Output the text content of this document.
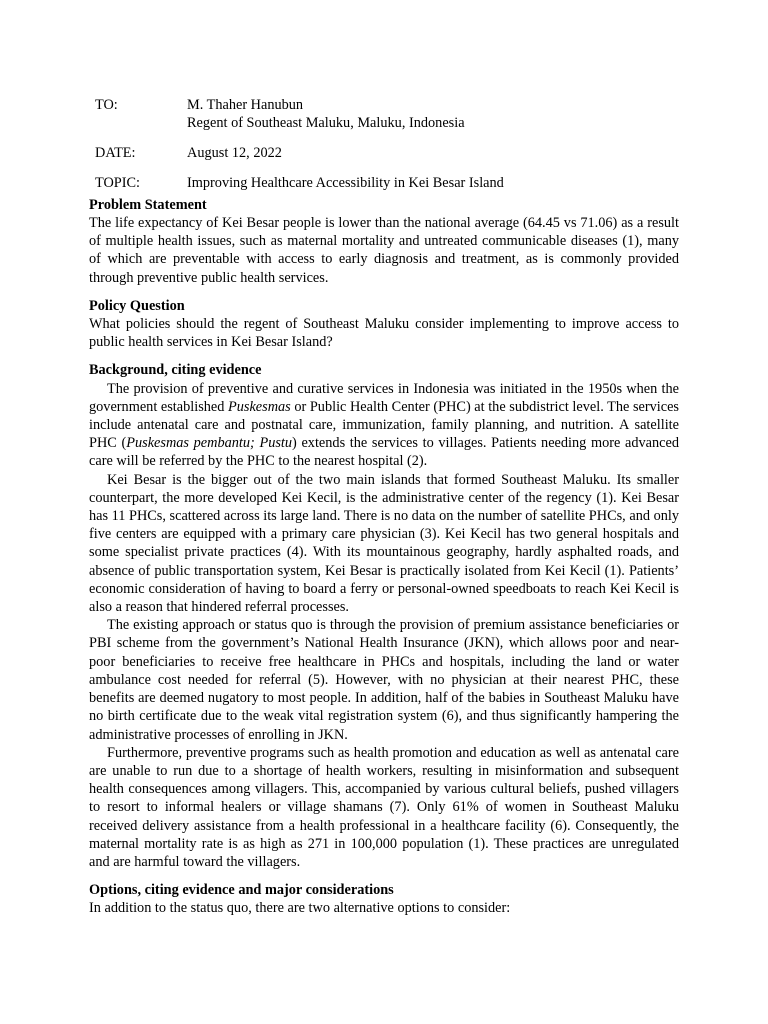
TO:	M. Thaher Hanubun
Regent of Southeast Maluku, Maluku, Indonesia

DATE:	August 12, 2022

TOPIC:	Improving Healthcare Accessibility in Kei Besar Island
Problem Statement

The life expectancy of Kei Besar people is lower than the national average (64.45 vs 71.06) as a result of multiple health issues, such as maternal mortality and untreated communicable diseases (1), many of which are preventable with access to early diagnosis and treatment, as is commonly provided through preventive public health services.

Policy Question

What policies should the regent of Southeast Maluku consider implementing to improve access to public health services in Kei Besar Island?

Background, citing evidence

The provision of preventive and curative services in Indonesia was initiated in the 1950s when the government established Puskesmas or Public Health Center (PHC) at the subdistrict level. The services include antenatal care and postnatal care, immunization, family planning, and nutrition. A satellite PHC (Puskesmas pembantu; Pustu) extends the services to villages. Patients needing more advanced care will be referred by the PHC to the nearest hospital (2).

Kei Besar is the bigger out of the two main islands that formed Southeast Maluku. Its smaller counterpart, the more developed Kei Kecil, is the administrative center of the regency (1). Kei Besar has 11 PHCs, scattered across its large land. There is no data on the number of satellite PHCs, and only five centers are equipped with a primary care physician (3). Kei Kecil has two general hospitals and some specialist private practices (4). With its mountainous geography, hardly asphalted roads, and absence of public transportation system, Kei Besar is practically isolated from Kei Kecil (1). Patients’ economic consideration of having to board a ferry or personal-owned speedboats to reach Kei Kecil is also a reason that hindered referral processes.

The existing approach or status quo is through the provision of premium assistance beneficiaries or PBI scheme from the government’s National Health Insurance (JKN), which allows poor and near-poor beneficiaries to receive free healthcare in PHCs and hospitals, including the land or water ambulance cost needed for referral (5). However, with no physician at their nearest PHC, these benefits are deemed nugatory to most people. In addition, half of the babies in Southeast Maluku have no birth certificate due to the weak vital registration system (6), and thus significantly hampering the administrative processes of enrolling in JKN.

Furthermore, preventive programs such as health promotion and education as well as antenatal care are unable to run due to a shortage of health workers, resulting in misinformation and subsequent health consequences among villagers. This, accompanied by various cultural beliefs, pushed villagers to resort to informal healers or village shamans (7). Only 61% of women in Southeast Maluku received delivery assistance from a health professional in a healthcare facility (6). Consequently, the maternal mortality rate is as high as 271 in 100,000 population (1). These practices are unregulated and are harmful toward the villagers.

Options, citing evidence and major considerations

In addition to the status quo, there are two alternative options to consider:
